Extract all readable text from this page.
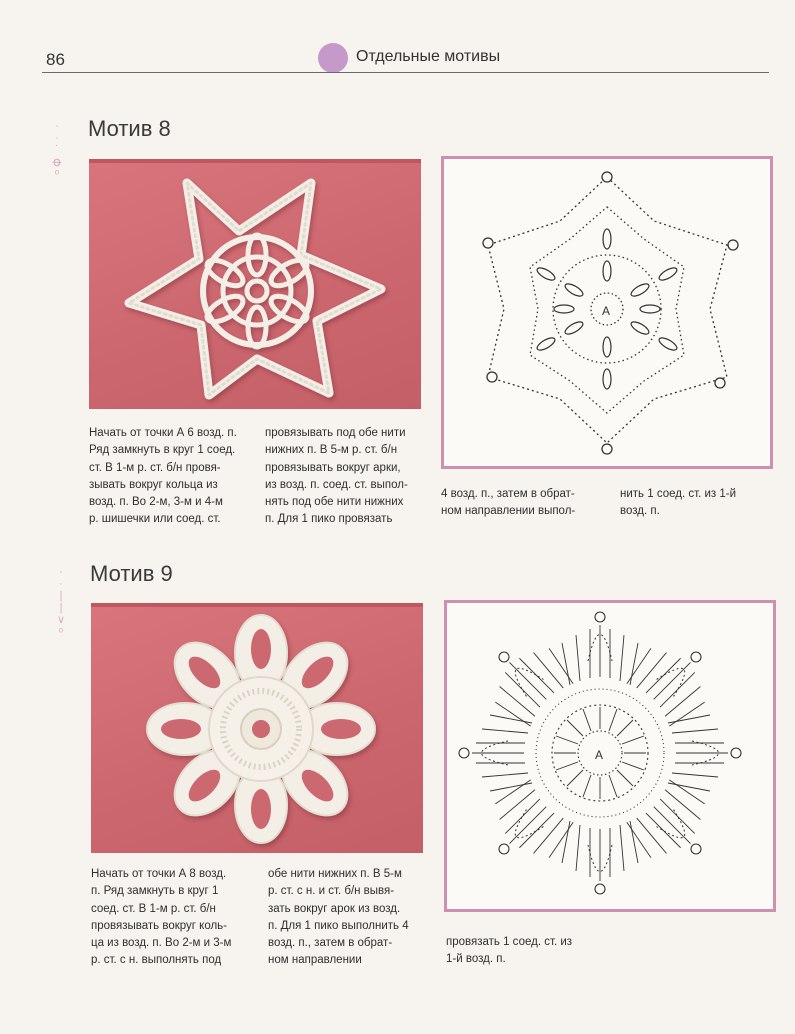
86	Отдельные мотивы
·
·
˙
ꝋ
ᵒ
Мотив 8
A
Начать от точки А 6 возд. п.
Ряд замкнуть в круг 1 соед.
ст. В 1-м р. ст. б/н провя-
зывать вокруг кольца из
возд. п. Во 2-м, 3-м и 4-м
р. шишечки или соед. ст.
провязывать под обе нити
нижних п. В 5-м р. ст. б/н
провязывать вокруг арки,
из возд. п. соед. ст. выпол-
нять под обе нити нижних
п. Для 1 пико провязать
4 возд. п., затем в обрат-
ном направлении выпол-
нить 1 соед. ст. из 1-й
возд. п.
·
·
|
|
∨
ᵒ
Мотив 9
A
Начать от точки А 8 возд.
п. Ряд замкнуть в круг 1
соед. ст. В 1-м р. ст. б/н
провязывать вокруг коль-
ца из возд. п. Во 2-м и 3-м
р. ст. с н. выполнять под
обе нити нижних п. В 5-м
р. ст. с н. и ст. б/н вывя-
зать вокруг арок из возд.
п. Для 1 пико выполнить 4
возд. п., затем в обрат-
ном направлении
провязать 1 соед. ст. из
1-й возд. п.
